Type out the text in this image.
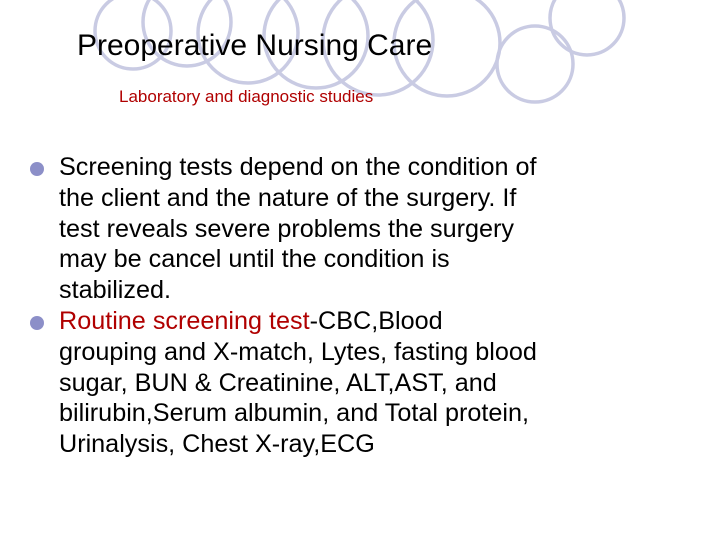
Preoperative Nursing Care
Laboratory and diagnostic studies
Screening tests depend on the condition of
the client and the nature of the surgery. If
test reveals severe problems the surgery
may be cancel until the condition is
stabilized.
Routine screening test-CBC,Blood
grouping and X-match, Lytes, fasting blood
sugar, BUN & Creatinine, ALT,AST, and
bilirubin,Serum albumin, and Total protein,
Urinalysis, Chest X-ray,ECG
